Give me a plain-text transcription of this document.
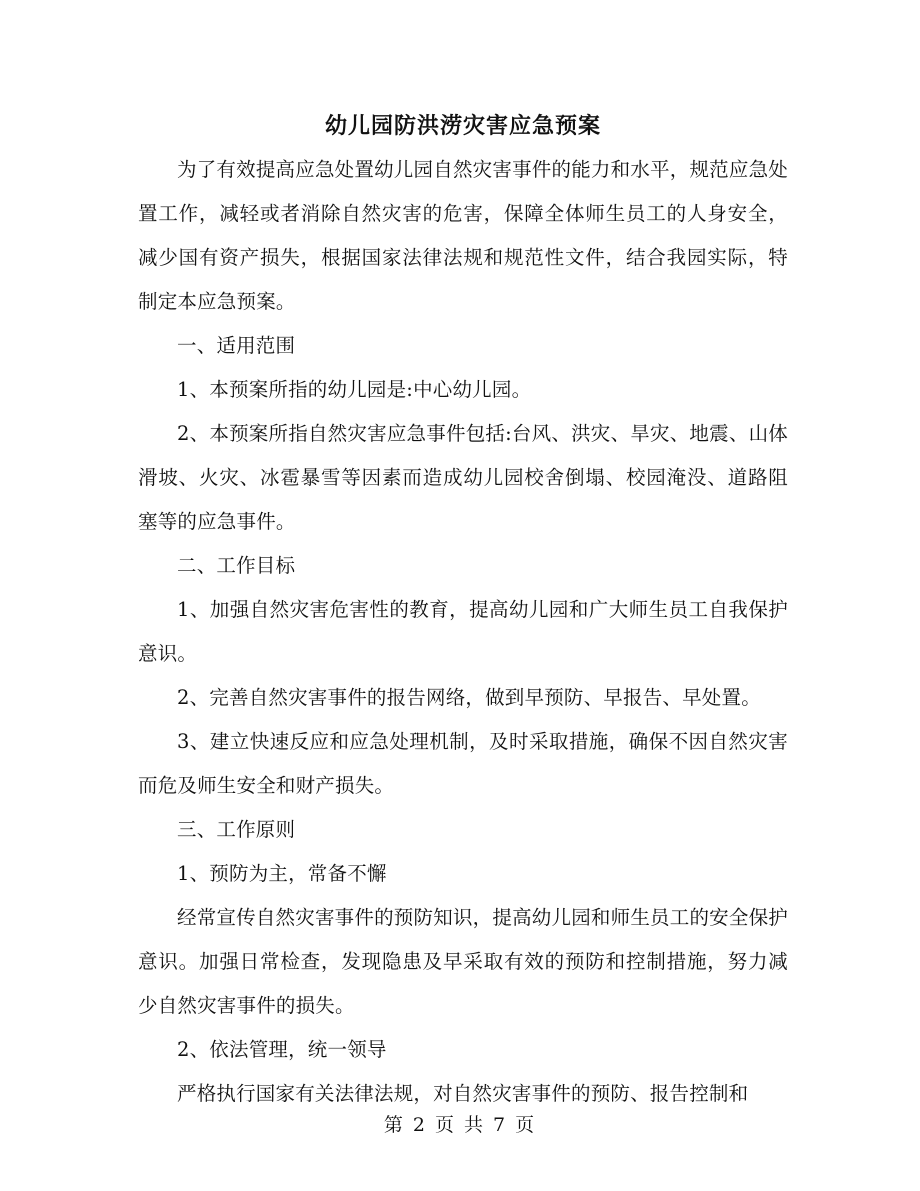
幼儿园防洪涝灾害应急预案

为了有效提高应急处置幼儿园自然灾害事件的能力和水平，规范应急处置工作，减轻或者消除自然灾害的危害，保障全体师生员工的人身安全，减少国有资产损失，根据国家法律法规和规范性文件，结合我园实际，特制定本应急预案。

一、适用范围

1、本预案所指的幼儿园是:中心幼儿园。

2、本预案所指自然灾害应急事件包括:台风、洪灾、旱灾、地震、山体滑坡、火灾、冰雹暴雪等因素而造成幼儿园校舍倒塌、校园淹没、道路阻塞等的应急事件。

二、工作目标

1、加强自然灾害危害性的教育，提高幼儿园和广大师生员工自我保护意识。

2、完善自然灾害事件的报告网络，做到早预防、早报告、早处置。

3、建立快速反应和应急处理机制，及时采取措施，确保不因自然灾害而危及师生安全和财产损失。

三、工作原则

1、预防为主，常备不懈

经常宣传自然灾害事件的预防知识，提高幼儿园和师生员工的安全保护意识。加强日常检查，发现隐患及早采取有效的预防和控制措施，努力减少自然灾害事件的损失。

2、依法管理，统一领导

严格执行国家有关法律法规，对自然灾害事件的预防、报告控制和

第 2 页 共 7 页
